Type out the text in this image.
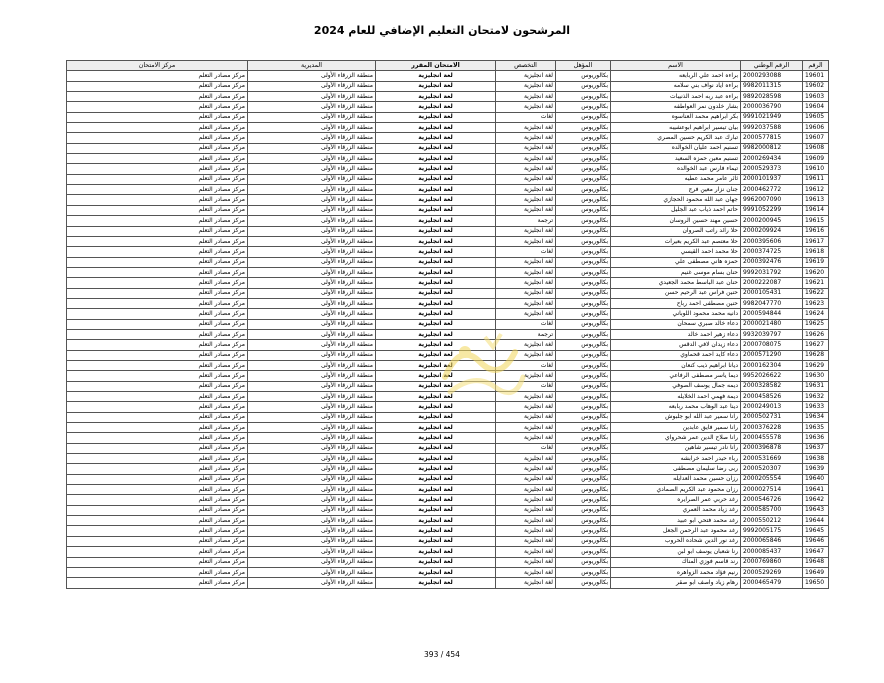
المرشحون لامتحان التعليم الإضافي للعام 2024
الرقم	الرقم الوطني	الاسم	المؤهل	التخصص	الامتحان المقرر	المديرية	مركز الامتحان
19601	2000293088	براءه احمد علي الربابعه	بكالوريوس	لغة انجليزية	لغة انجليزية	منطقة الزرقاء الأولى	مركز مصادر التعلم
19602	9982011315	براءه اياد نواف بني سلامه	بكالوريوس	لغة انجليزية	لغة انجليزية	منطقة الزرقاء الأولى	مركز مصادر التعلم
19603	9892028598	براءه عبد ربه احمد الذنيبات	بكالوريوس	لغة انجليزية	لغة انجليزية	منطقة الزرقاء الأولى	مركز مصادر التعلم
19604	2000036790	بشار خلدون نمر العواطفه	بكالوريوس	لغة انجليزية	لغة انجليزية	منطقة الزرقاء الأولى	مركز مصادر التعلم
19605	9991021949	بكر ابراهيم محمد العناسوه	بكالوريوس	لغات	لغة انجليزية	منطقة الزرقاء الأولى	مركز مصادر التعلم
19606	9992037588	بيان تيسير ابراهيم ابوعشيبه	بكالوريوس	لغة انجليزية	لغة انجليزية	منطقة الزرقاء الأولى	مركز مصادر التعلم
19607	2000577815	تبارك عبد الكريم حسين المصري	بكالوريوس	لغة انجليزية	لغة انجليزية	منطقة الزرقاء الأولى	مركز مصادر التعلم
19608	9982000812	تسنيم احمد عليان الخوالده	بكالوريوس	لغة انجليزية	لغة انجليزية	منطقة الزرقاء الأولى	مركز مصادر التعلم
19609	2000269434	تسنيم معين حمزه السعيد	بكالوريوس	لغة انجليزية	لغة انجليزية	منطقة الزرقاء الأولى	مركز مصادر التعلم
19610	2000529373	تيماء فارس عبد الخوالده	بكالوريوس	لغة انجليزية	لغة انجليزية	منطقة الزرقاء الأولى	مركز مصادر التعلم
19611	2000101937	ثائر عامر محمد عطيه	بكالوريوس	لغة انجليزية	لغة انجليزية	منطقة الزرقاء الأولى	مركز مصادر التعلم
19612	2000462772	جنان نزار معين فرج	بكالوريوس	لغة انجليزية	لغة انجليزية	منطقة الزرقاء الأولى	مركز مصادر التعلم
19613	9962007090	جهان عبد الله محمود الحجازي	بكالوريوس	لغة انجليزية	لغة انجليزية	منطقة الزرقاء الأولى	مركز مصادر التعلم
19614	9991052299	حاتم احمد ذياب عبد الجليل	بكالوريوس	لغة انجليزية	لغة انجليزية	منطقة الزرقاء الأولى	مركز مصادر التعلم
19615	2000200945	حسين مهند حسين الروسان	بكالوريوس	ترجمة	لغة انجليزية	منطقة الزرقاء الأولى	مركز مصادر التعلم
19616	2000209924	حلا رائد راتب الصروان	بكالوريوس	لغة انجليزية	لغة انجليزية	منطقة الزرقاء الأولى	مركز مصادر التعلم
19617	2000395606	حلا معتصم عبد الكريم بعيرات	بكالوريوس	لغة انجليزية	لغة انجليزية	منطقة الزرقاء الأولى	مركز مصادر التعلم
19618	2000374725	حلا محمد احمد القيسي	بكالوريوس	لغات	لغة انجليزية	منطقة الزرقاء الأولى	مركز مصادر التعلم
19619	2000392476	حمزه هاني مصطفى علي	بكالوريوس	لغة انجليزية	لغة انجليزية	منطقة الزرقاء الأولى	مركز مصادر التعلم
19620	9992031792	حنان بسام موسى غنيم	بكالوريوس	لغة انجليزية	لغة انجليزية	منطقة الزرقاء الأولى	مركز مصادر التعلم
19621	2000222087	حنان عبد الباسط محمد الجعيدي	بكالوريوس	لغة انجليزية	لغة انجليزية	منطقة الزرقاء الأولى	مركز مصادر التعلم
19622	2000105431	حنين فراس عبد الرحيم حسن	بكالوريوس	لغة انجليزية	لغة انجليزية	منطقة الزرقاء الأولى	مركز مصادر التعلم
19623	9982047770	حنين مصطفى احمد رباح	بكالوريوس	لغة انجليزية	لغة انجليزية	منطقة الزرقاء الأولى	مركز مصادر التعلم
19624	2000594844	دانيه محمد محمود اللوباني	بكالوريوس	لغة انجليزية	لغة انجليزية	منطقة الزرقاء الأولى	مركز مصادر التعلم
19625	2000021480	دعاء خالد صبري سمحان	بكالوريوس	لغات	لغة انجليزية	منطقة الزرقاء الأولى	مركز مصادر التعلم
19626	9932039797	دعاء زهير احمد خالد	بكالوريوس	ترجمة	لغة انجليزية	منطقة الزرقاء الأولى	مركز مصادر التعلم
19627	2000708075	دعاء زيدان لافي الدقس	بكالوريوس	لغة انجليزية	لغة انجليزية	منطقة الزرقاء الأولى	مركز مصادر التعلم
19628	2000571290	دعاء كايد احمد قحماوي	بكالوريوس	لغة انجليزية	لغة انجليزية	منطقة الزرقاء الأولى	مركز مصادر التعلم
19629	2000162304	ديانا ابراهيم ذيب كنعان	بكالوريوس	لغات	لغة انجليزية	منطقة الزرقاء الأولى	مركز مصادر التعلم
19630	9952026622	ديما ياسر مصطفى الرفاعي	بكالوريوس	لغة انجليزية	لغة انجليزية	منطقة الزرقاء الأولى	مركز مصادر التعلم
19631	2000328582	ديمه جمال يوسف الصوفي	بكالوريوس	لغات	لغة انجليزية	منطقة الزرقاء الأولى	مركز مصادر التعلم
19632	2000458526	ديمة فهمي احمد الخلايله	بكالوريوس	لغة انجليزية	لغة انجليزية	منطقة الزرقاء الأولى	مركز مصادر التعلم
19633	2000249013	دينا عبد الوهاب محمد ربابعه	بكالوريوس	لغة انجليزية	لغة انجليزية	منطقة الزرقاء الأولى	مركز مصادر التعلم
19634	2000502731	رانا سمير عبد الله ابو جلبوش	بكالوريوس	لغة انجليزية	لغة انجليزية	منطقة الزرقاء الأولى	مركز مصادر التعلم
19635	2000376228	رانا سمير فايق عابدين	بكالوريوس	لغة انجليزية	لغة انجليزية	منطقة الزرقاء الأولى	مركز مصادر التعلم
19636	2000455578	رانا صلاح الدين عمر شحرواي	بكالوريوس	لغة انجليزية	لغة انجليزية	منطقة الزرقاء الأولى	مركز مصادر التعلم
19637	2000396878	رانا نادر تيسير شاهين	بكالوريوس	لغات	لغة انجليزية	منطقة الزرقاء الأولى	مركز مصادر التعلم
19638	2000531669	رباء حيدر احمد خرابشه	بكالوريوس	لغة انجليزية	لغة انجليزية	منطقة الزرقاء الأولى	مركز مصادر التعلم
19639	2000520307	ربى رضا سليمان مصطفى	بكالوريوس	لغة انجليزية	لغة انجليزية	منطقة الزرقاء الأولى	مركز مصادر التعلم
19640	2000205554	رزان حسين محمد العدايله	بكالوريوس	لغة انجليزية	لغة انجليزية	منطقة الزرقاء الأولى	مركز مصادر التعلم
19641	2000027514	رزان محمود عبد الكريم الصمادي	بكالوريوس	لغة انجليزية	لغة انجليزية	منطقة الزرقاء الأولى	مركز مصادر التعلم
19642	2000546726	رغد حربي عمر الصرايره	بكالوريوس	لغة انجليزية	لغة انجليزية	منطقة الزرقاء الأولى	مركز مصادر التعلم
19643	2000585700	رغد زياد محمد العمري	بكالوريوس	لغة انجليزية	لغة انجليزية	منطقة الزرقاء الأولى	مركز مصادر التعلم
19644	2000550212	رغد محمد فتحي ابو عبيد	بكالوريوس	لغة انجليزية	لغة انجليزية	منطقة الزرقاء الأولى	مركز مصادر التعلم
19645	9992005175	رغد محمود عبد الرحمن الجعل	بكالوريوس	لغة انجليزية	لغة انجليزية	منطقة الزرقاء الأولى	مركز مصادر التعلم
19646	2000065846	رغد نور الدين شحاده الحروب	بكالوريوس	لغة انجليزية	لغة انجليزية	منطقة الزرقاء الأولى	مركز مصادر التعلم
19647	2000085437	رنا شعبان يوسف ابو لبن	بكالوريوس	لغة انجليزية	لغة انجليزية	منطقة الزرقاء الأولى	مركز مصادر التعلم
19648	2000769860	رند قاسم فوزي المناك	بكالوريوس	لغة انجليزية	لغة انجليزية	منطقة الزرقاء الأولى	مركز مصادر التعلم
19649	2000529269	رنيم فؤاد محمد الزواهره	بكالوريوس	لغة انجليزية	لغة انجليزية	منطقة الزرقاء الأولى	مركز مصادر التعلم
19650	2000465479	رهام زياد واصف ابو صقر	بكالوريوس	لغة انجليزية	لغة انجليزية	منطقة الزرقاء الأولى	مركز مصادر التعلم
393 / 454
